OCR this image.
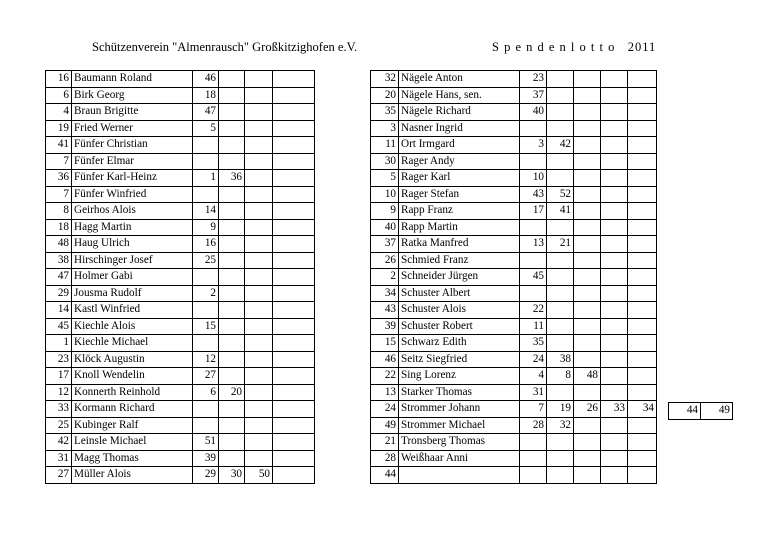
Schützenverein "Almenrausch" Großkitzighofen e.V.	S p e n d e n l o t t o   2011
16	Baumann Roland	46			
6	Birk Georg	18			
4	Braun Brigitte	47			
19	Fried Werner	5			
41	Fünfer Christian				
7	Fünfer Elmar				
36	Fünfer Karl-Heinz	1	36		
7	Fünfer Winfried				
8	Geirhos Alois	14			
18	Hagg Martin	9			
48	Haug Ulrich	16			
38	Hirschinger Josef	25			
47	Holmer Gabi				
29	Jousma Rudolf	2			
14	Kastl Winfried				
45	Kiechle Alois	15			
1	Kiechle Michael				
23	Klöck Augustin	12			
17	Knoll Wendelin	27			
12	Konnerth Reinhold	6	20		
33	Kormann Richard				
25	Kubinger Ralf				
42	Leinsle Michael	51			
31	Magg Thomas	39			
27	Müller Alois	29	30	50	
32	Nägele Anton	23				
20	Nägele Hans, sen.	37				
35	Nägele Richard	40				
3	Nasner Ingrid					
11	Ort Irmgard	3	42			
30	Rager Andy					
5	Rager Karl	10				
10	Rager Stefan	43	52			
9	Rapp Franz	17	41			
40	Rapp Martin					
37	Ratka Manfred	13	21			
26	Schmied Franz					
2	Schneider Jürgen	45				
34	Schuster Albert					
43	Schuster Alois	22				
39	Schuster Robert	11				
15	Schwarz Edith	35				
46	Seitz Siegfried	24	38			
22	Sing Lorenz	4	8	48		
13	Starker Thomas	31				
24	Strommer Johann	7	19	26	33	34
49	Strommer Michael	28	32			
21	Tronsberg Thomas					
28	Weißhaar Anni					
44						
44	49
